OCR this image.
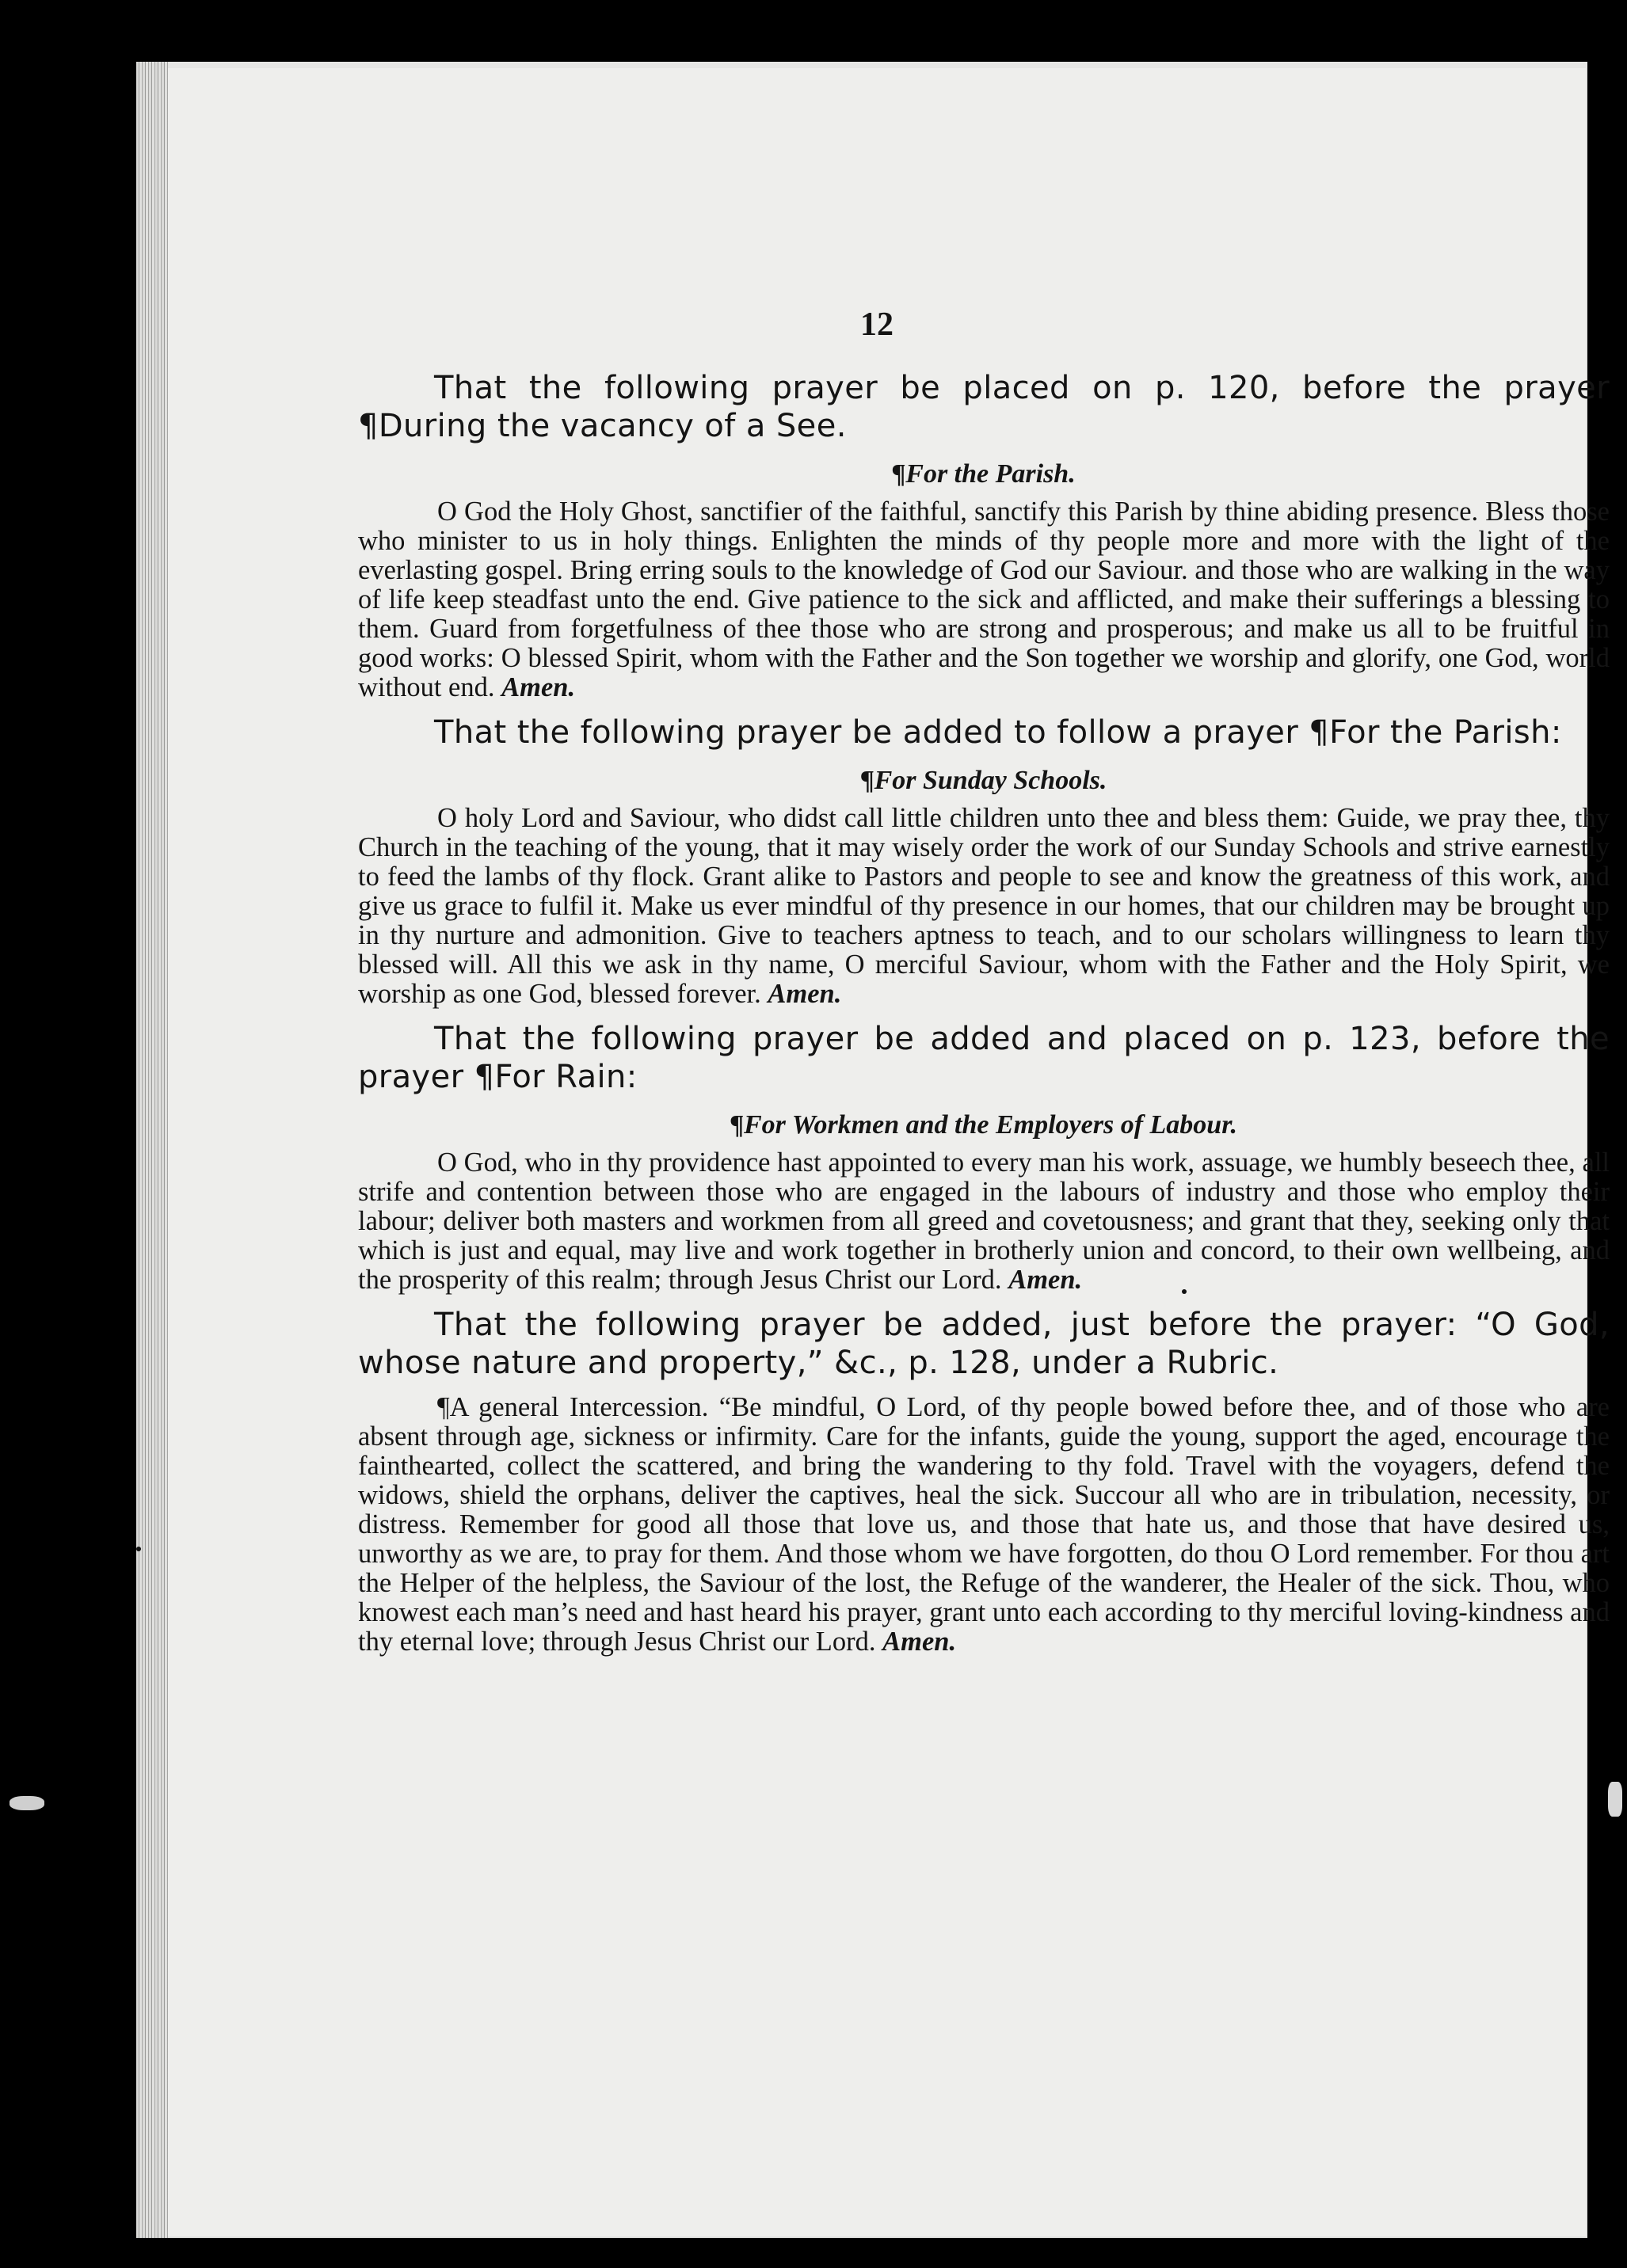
12

That the following prayer be placed on p. 120, before the prayer ¶During the vacancy of a See.

¶For the Parish.

O God the Holy Ghost, sanctifier of the faithful, sanctify this Parish by thine abiding presence. Bless those who minister to us in holy things. Enlighten the minds of thy people more and more with the light of the everlasting gospel. Bring erring souls to the knowledge of God our Saviour. and those who are walking in the way of life keep steadfast unto the end. Give patience to the sick and afflicted, and make their sufferings a blessing to them. Guard from forgetfulness of thee those who are strong and prosperous; and make us all to be fruitful in good works: O blessed Spirit, whom with the Father and the Son together we worship and glorify, one God, world without end. Amen.

That the following prayer be added to follow a prayer ¶For the Parish:

¶For Sunday Schools.

O holy Lord and Saviour, who didst call little children unto thee and bless them: Guide, we pray thee, thy Church in the teaching of the young, that it may wisely order the work of our Sunday Schools and strive earnestly to feed the lambs of thy flock. Grant alike to Pastors and people to see and know the greatness of this work, and give us grace to fulfil it. Make us ever mindful of thy presence in our homes, that our children may be brought up in thy nurture and admonition. Give to teachers aptness to teach, and to our scholars willingness to learn thy blessed will. All this we ask in thy name, O merciful Saviour, whom with the Father and the Holy Spirit, we worship as one God, blessed forever. Amen.

That the following prayer be added and placed on p. 123, before the prayer ¶For Rain:

¶For Workmen and the Employers of Labour.

O God, who in thy providence hast appointed to every man his work, assuage, we humbly beseech thee, all strife and contention between those who are engaged in the labours of industry and those who employ their labour; deliver both masters and workmen from all greed and covetousness; and grant that they, seeking only that which is just and equal, may live and work together in brotherly union and concord, to their own wellbeing, and the prosperity of this realm; through Jesus Christ our Lord. Amen.

That the following prayer be added, just before the prayer: “O God, whose nature and property,” &c., p. 128, under a Rubric.

¶A general Intercession. “Be mindful, O Lord, of thy people bowed before thee, and of those who are absent through age, sickness or infirmity. Care for the infants, guide the young, support the aged, encourage the fainthearted, collect the scattered, and bring the wandering to thy fold. Travel with the voyagers, defend the widows, shield the orphans, deliver the captives, heal the sick. Succour all who are in tribulation, necessity, or distress. Remember for good all those that love us, and those that hate us, and those that have desired us, unworthy as we are, to pray for them. And those whom we have forgotten, do thou O Lord remember. For thou art the Helper of the helpless, the Saviour of the lost, the Refuge of the wanderer, the Healer of the sick. Thou, who knowest each man’s need and hast heard his prayer, grant unto each according to thy merciful loving-kindness and thy eternal love; through Jesus Christ our Lord. Amen.
